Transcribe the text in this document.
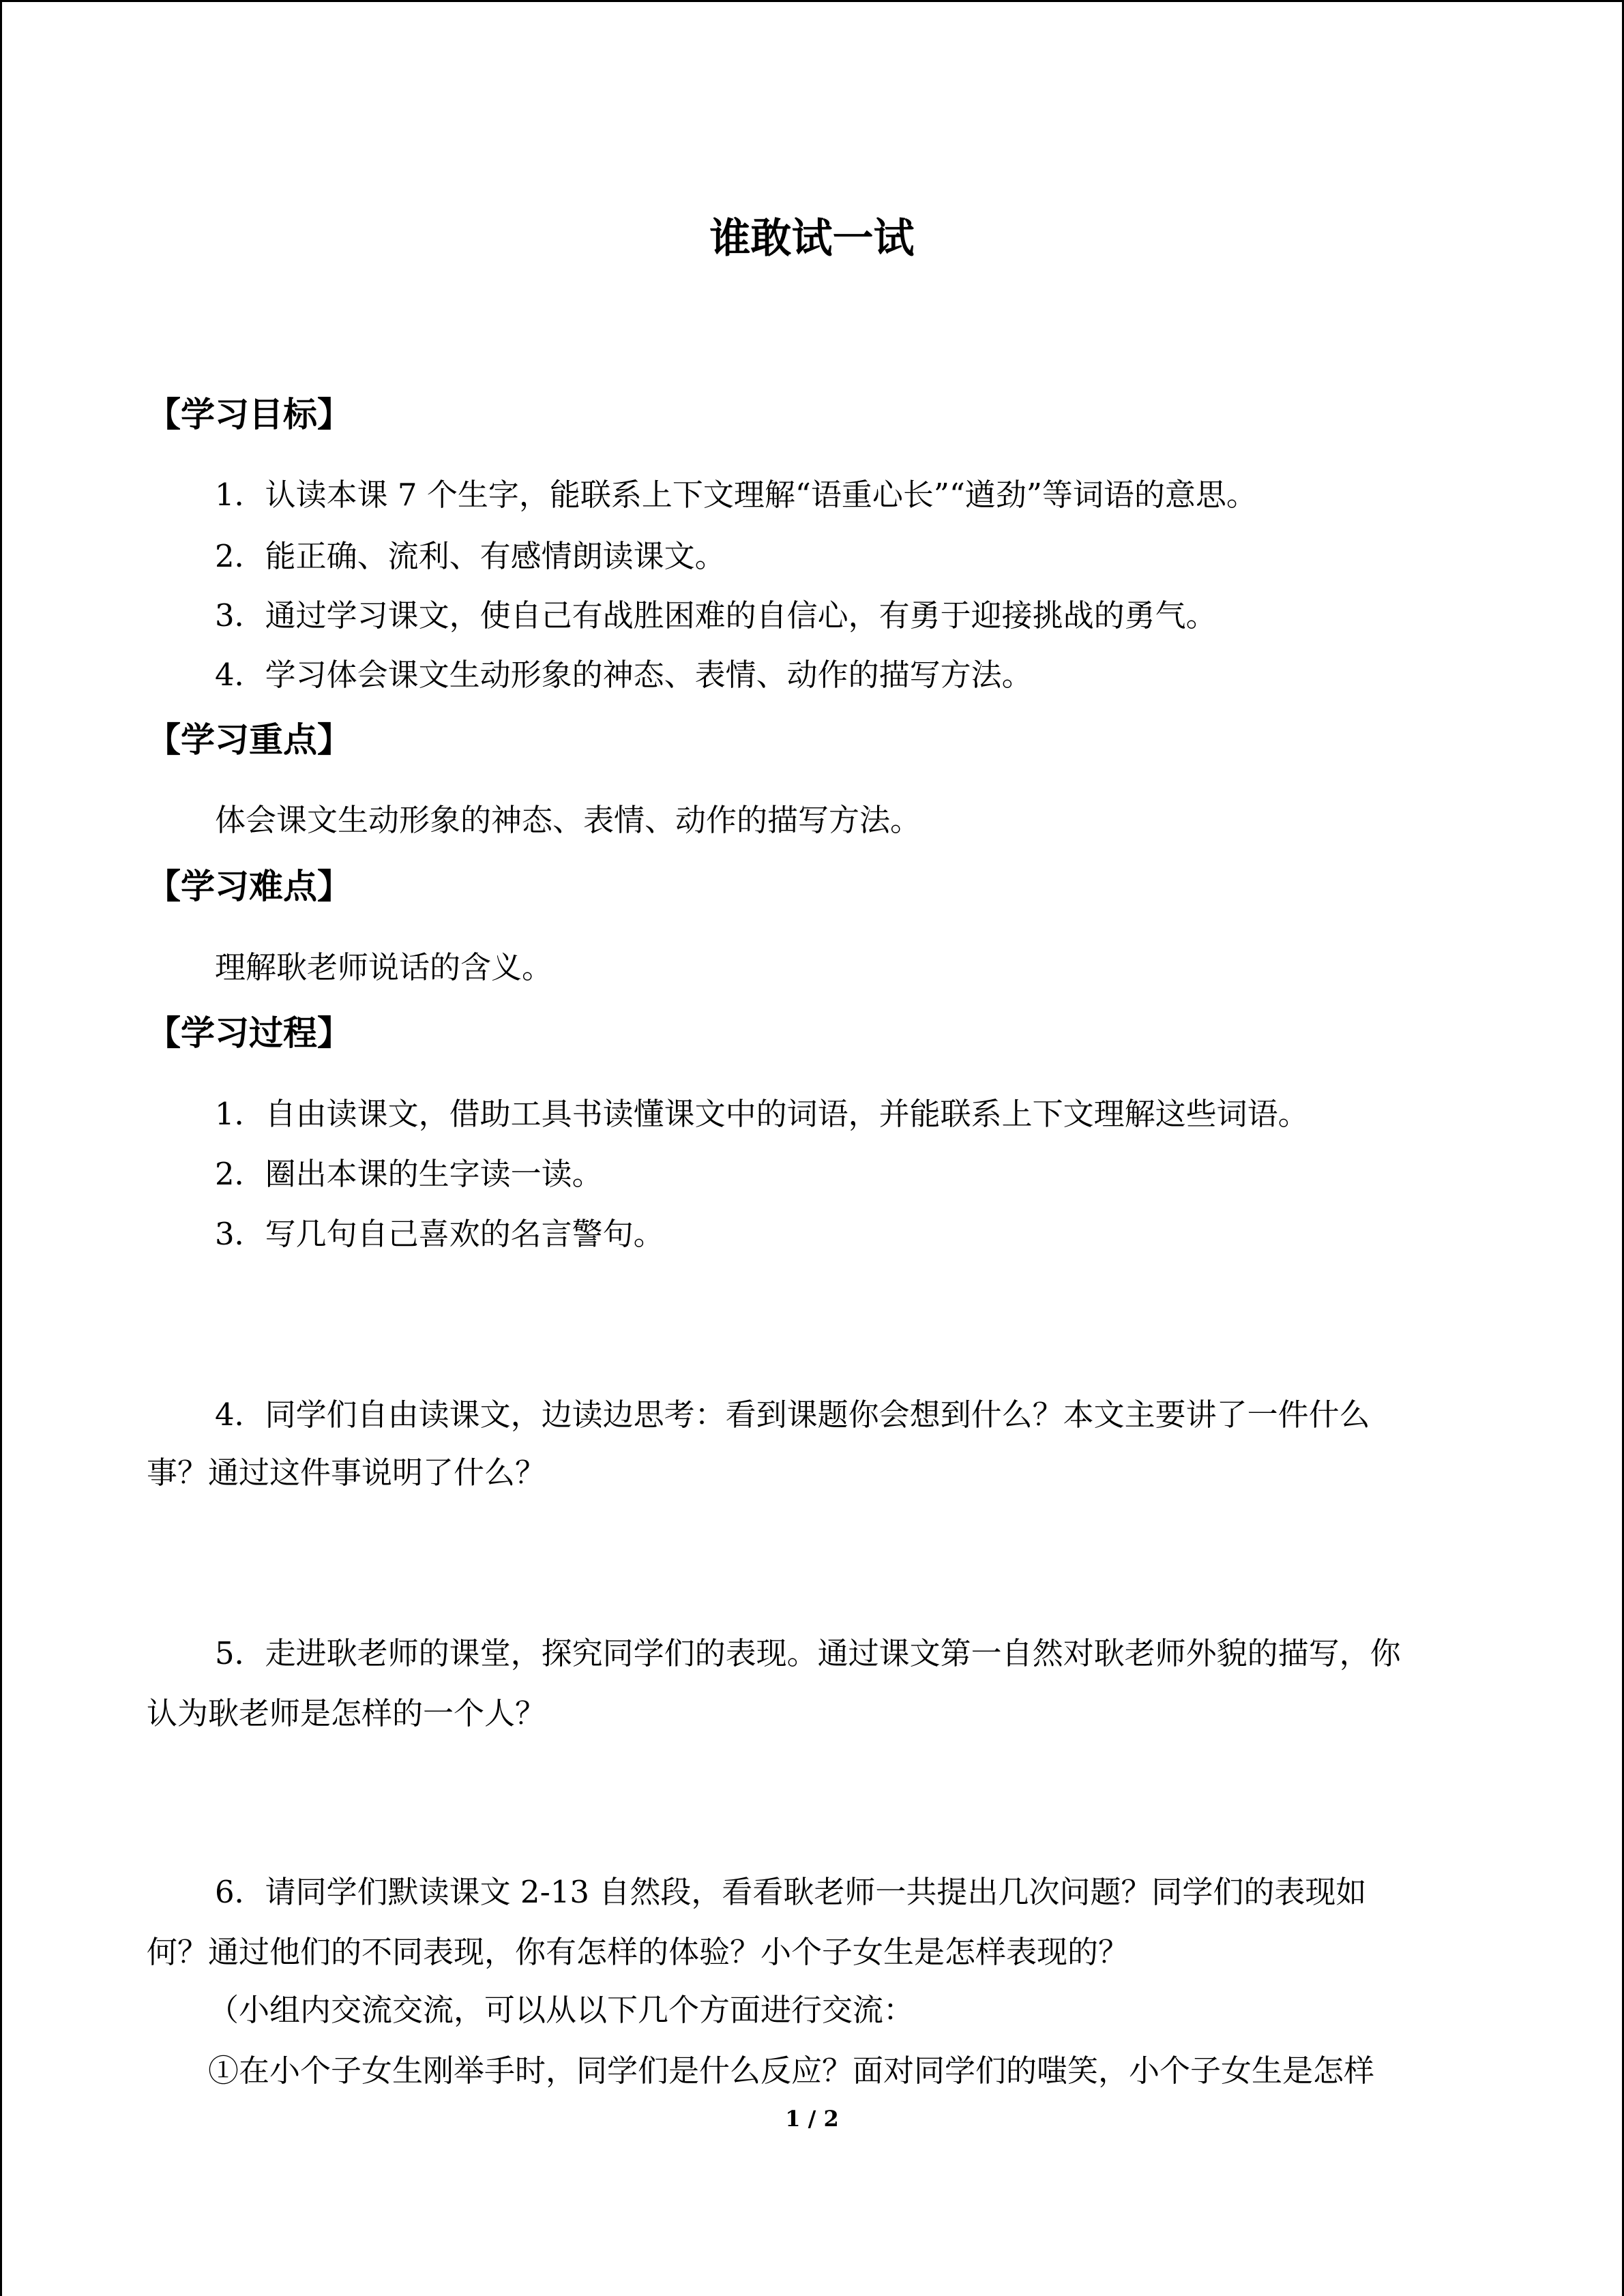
谁敢试一试
【学习目标】
1．认读本课 7 个生字，能联系上下文理解“语重心长”“遒劲”等词语的意思。
2．能正确、流利、有感情朗读课文。
3．通过学习课文，使自己有战胜困难的自信心，有勇于迎接挑战的勇气。
4．学习体会课文生动形象的神态、表情、动作的描写方法。
【学习重点】
体会课文生动形象的神态、表情、动作的描写方法。
【学习难点】
理解耿老师说话的含义。
【学习过程】
1．自由读课文，借助工具书读懂课文中的词语，并能联系上下文理解这些词语。
2．圈出本课的生字读一读。
3．写几句自己喜欢的名言警句。
4．同学们自由读课文，边读边思考：看到课题你会想到什么？本文主要讲了一件什么
事？通过这件事说明了什么？
5．走进耿老师的课堂，探究同学们的表现。通过课文第一自然对耿老师外貌的描写，你
认为耿老师是怎样的一个人？
6．请同学们默读课文 2-13 自然段，看看耿老师一共提出几次问题？同学们的表现如
何？通过他们的不同表现，你有怎样的体验？小个子女生是怎样表现的？
（小组内交流交流，可以从以下几个方面进行交流：
①在小个子女生刚举手时，同学们是什么反应？面对同学们的嗤笑，小个子女生是怎样
1 / 2
